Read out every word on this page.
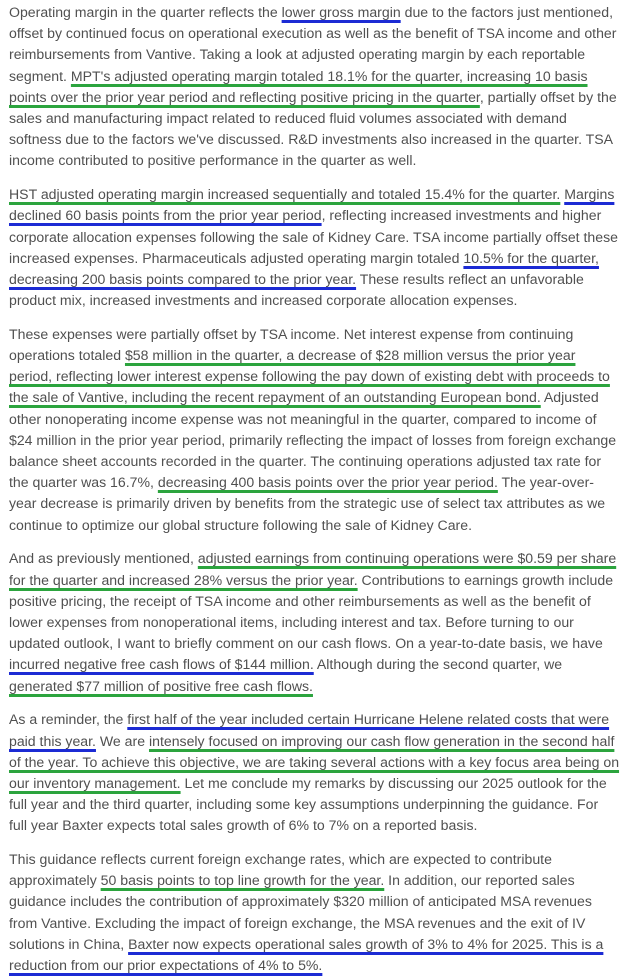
Operating margin in the quarter reflects the lower gross margin due to the factors just mentioned, offset by continued focus on operational execution as well as the benefit of TSA income and other reimbursements from Vantive. Taking a look at adjusted operating margin by each reportable segment. MPT's adjusted operating margin totaled 18.1% for the quarter, increasing 10 basis points over the prior year period and reflecting positive pricing in the quarter, partially offset by the sales and manufacturing impact related to reduced fluid volumes associated with demand softness due to the factors we've discussed. R&D investments also increased in the quarter. TSA income contributed to positive performance in the quarter as well.

HST adjusted operating margin increased sequentially and totaled 15.4% for the quarter. Margins declined 60 basis points from the prior year period, reflecting increased investments and higher corporate allocation expenses following the sale of Kidney Care. TSA income partially offset these increased expenses. Pharmaceuticals adjusted operating margin totaled 10.5% for the quarter, decreasing 200 basis points compared to the prior year. These results reflect an unfavorable product mix, increased investments and increased corporate allocation expenses.

These expenses were partially offset by TSA income. Net interest expense from continuing operations totaled $58 million in the quarter, a decrease of $28 million versus the prior year period, reflecting lower interest expense following the pay down of existing debt with proceeds to the sale of Vantive, including the recent repayment of an outstanding European bond. Adjusted other nonoperating income expense was not meaningful in the quarter, compared to income of $24 million in the prior year period, primarily reflecting the impact of losses from foreign exchange balance sheet accounts recorded in the quarter. The continuing operations adjusted tax rate for the quarter was 16.7%, decreasing 400 basis points over the prior year period. The year-over-year decrease is primarily driven by benefits from the strategic use of select tax attributes as we continue to optimize our global structure following the sale of Kidney Care.

And as previously mentioned, adjusted earnings from continuing operations were $0.59 per share for the quarter and increased 28% versus the prior year. Contributions to earnings growth include positive pricing, the receipt of TSA income and other reimbursements as well as the benefit of lower expenses from nonoperational items, including interest and tax. Before turning to our updated outlook, I want to briefly comment on our cash flows. On a year-to-date basis, we have incurred negative free cash flows of $144 million. Although during the second quarter, we generated $77 million of positive free cash flows.

As a reminder, the first half of the year included certain Hurricane Helene related costs that were paid this year. We are intensely focused on improving our cash flow generation in the second half of the year. To achieve this objective, we are taking several actions with a key focus area being on our inventory management. Let me conclude my remarks by discussing our 2025 outlook for the full year and the third quarter, including some key assumptions underpinning the guidance. For full year Baxter expects total sales growth of 6% to 7% on a reported basis.

This guidance reflects current foreign exchange rates, which are expected to contribute approximately 50 basis points to top line growth for the year. In addition, our reported sales guidance includes the contribution of approximately $320 million of anticipated MSA revenues from Vantive. Excluding the impact of foreign exchange, the MSA revenues and the exit of IV solutions in China, Baxter now expects operational sales growth of 3% to 4% for 2025. This is a reduction from our prior expectations of 4% to 5%.
